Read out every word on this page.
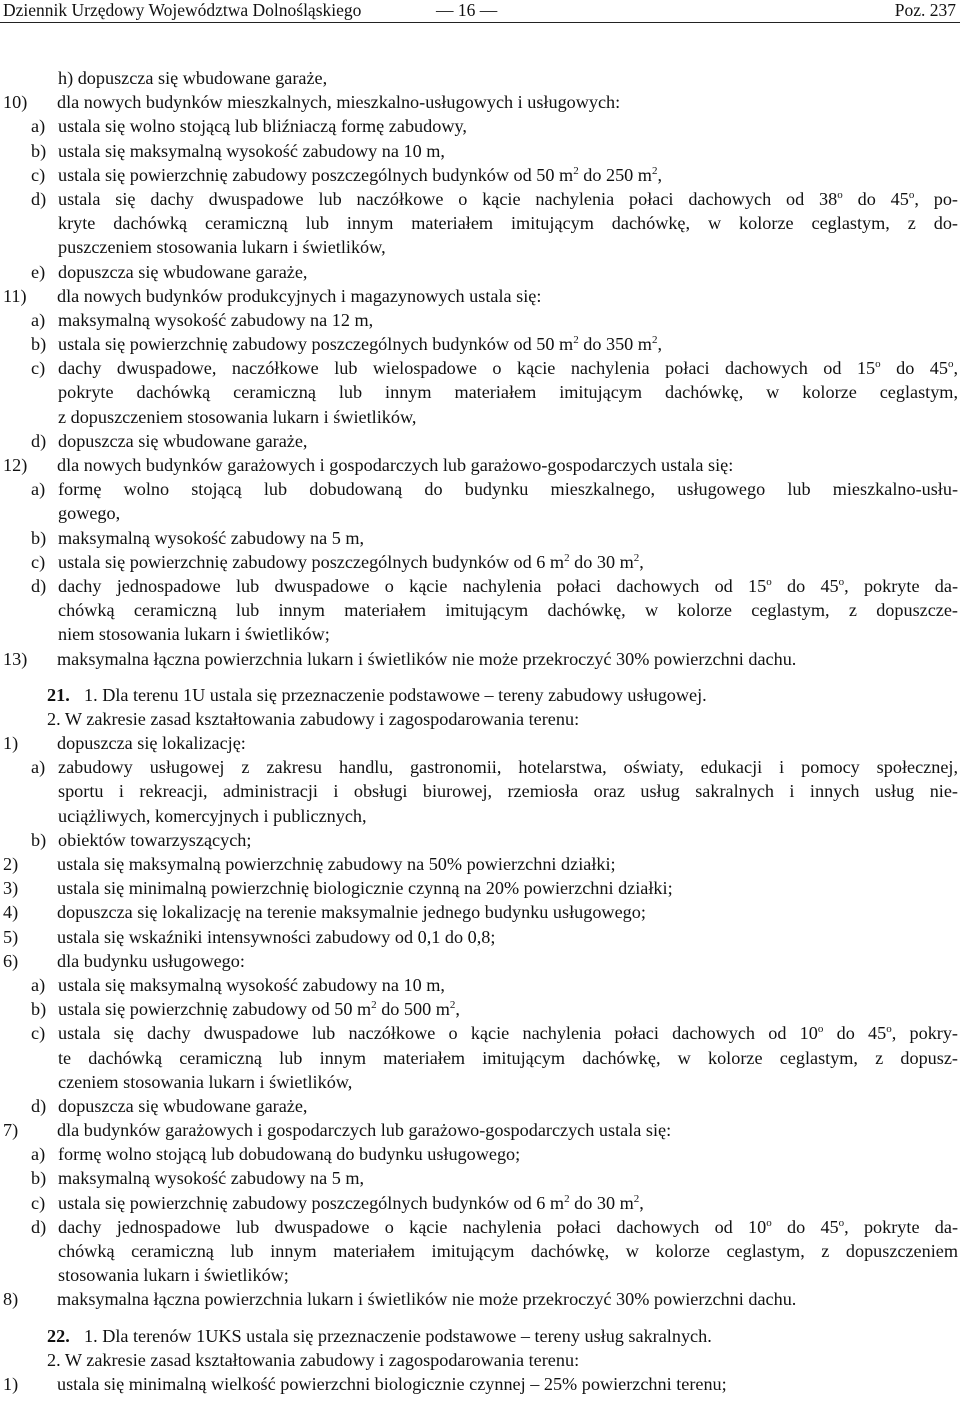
Dziennik Urzędowy Województwa Dolnośląskiego	— 16 —	Poz. 237
h) dopuszcza się wbudowane garaże,
10) dla nowych budynków mieszkalnych, mieszkalno-usługowych i usługowych:
a) ustala się wolno stojącą lub bliźniaczą formę zabudowy,
b) ustala się maksymalną wysokość zabudowy na 10 m,
c) ustala się powierzchnię zabudowy poszczególnych budynków od 50 $m^2$ do 250 $m^2$,
d) ustala się dachy dwuspadowe lub naczółkowe o kącie nachylenia połaci dachowych od 38$^o$ do 45$^o$, po-
kryte dachówką ceramiczną lub innym materiałem imitującym dachówkę, w kolorze ceglastym, z do-
puszczeniem stosowania lukarn i świetlików,
e) dopuszcza się wbudowane garaże,
11) dla nowych budynków produkcyjnych i magazynowych ustala się:
a) maksymalną wysokość zabudowy na 12 m,
b) ustala się powierzchnię zabudowy poszczególnych budynków od 50 $m^2$ do 350 $m^2$,
c) dachy dwuspadowe, naczółkowe lub wielospadowe o kącie nachylenia połaci dachowych od 15$^o$ do 45$^o$,
pokryte dachówką ceramiczną lub innym materiałem imitującym dachówkę, w kolorze ceglastym,
z dopuszczeniem stosowania lukarn i świetlików,
d) dopuszcza się wbudowane garaże,
12) dla nowych budynków garażowych i gospodarczych lub garażowo-gospodarczych ustala się:
a) formę wolno stojącą lub dobudowaną do budynku mieszkalnego, usługowego lub mieszkalno-usłu-
gowego,
b) maksymalną wysokość zabudowy na 5 m,
c) ustala się powierzchnię zabudowy poszczególnych budynków od 6 $m^2$ do 30 $m^2$,
d) dachy jednospadowe lub dwuspadowe o kącie nachylenia połaci dachowych od 15$^o$ do 45$^o$, pokryte da-
chówką ceramiczną lub innym materiałem imitującym dachówkę, w kolorze ceglastym, z dopuszcze-
niem stosowania lukarn i świetlików;
13) maksymalna łączna powierzchnia lukarn i świetlików nie może przekroczyć 30% powierzchni dachu.
21. 1. Dla terenu 1U ustala się przeznaczenie podstawowe – tereny zabudowy usługowej.
2. W zakresie zasad kształtowania zabudowy i zagospodarowania terenu:
1) dopuszcza się lokalizację:
a) zabudowy usługowej z zakresu handlu, gastronomii, hotelarstwa, oświaty, edukacji i pomocy społecznej,
sportu i rekreacji, administracji i obsługi biurowej, rzemiosła oraz usług sakralnych i innych usług nie-
uciążliwych, komercyjnych i publicznych,
b) obiektów towarzyszących;
2) ustala się maksymalną powierzchnię zabudowy na 50% powierzchni działki;
3) ustala się minimalną powierzchnię biologicznie czynną na 20% powierzchni działki;
4) dopuszcza się lokalizację na terenie maksymalnie jednego budynku usługowego;
5) ustala się wskaźniki intensywności zabudowy od 0,1 do 0,8;
6) dla budynku usługowego:
a) ustala się maksymalną wysokość zabudowy na 10 m,
b) ustala się powierzchnię zabudowy od 50 $m^2$ do 500 $m^2$,
c) ustala się dachy dwuspadowe lub naczółkowe o kącie nachylenia połaci dachowych od 10$^o$ do 45$^o$, pokry-
te dachówką ceramiczną lub innym materiałem imitującym dachówkę, w kolorze ceglastym, z dopusz-
czeniem stosowania lukarn i świetlików,
d) dopuszcza się wbudowane garaże,
7) dla budynków garażowych i gospodarczych lub garażowo-gospodarczych ustala się:
a) formę wolno stojącą lub dobudowaną do budynku usługowego;
b) maksymalną wysokość zabudowy na 5 m,
c) ustala się powierzchnię zabudowy poszczególnych budynków od 6 $m^2$ do 30 $m^2$,
d) dachy jednospadowe lub dwuspadowe o kącie nachylenia połaci dachowych od 10$^o$ do 45$^o$, pokryte da-
chówką ceramiczną lub innym materiałem imitującym dachówkę, w kolorze ceglastym, z dopuszczeniem
stosowania lukarn i świetlików;
8) maksymalna łączna powierzchnia lukarn i świetlików nie może przekroczyć 30% powierzchni dachu.
22. 1. Dla terenów 1UKS ustala się przeznaczenie podstawowe – tereny usług sakralnych.
2. W zakresie zasad kształtowania zabudowy i zagospodarowania terenu:
1) ustala się minimalną wielkość powierzchni biologicznie czynnej – 25% powierzchni terenu;
